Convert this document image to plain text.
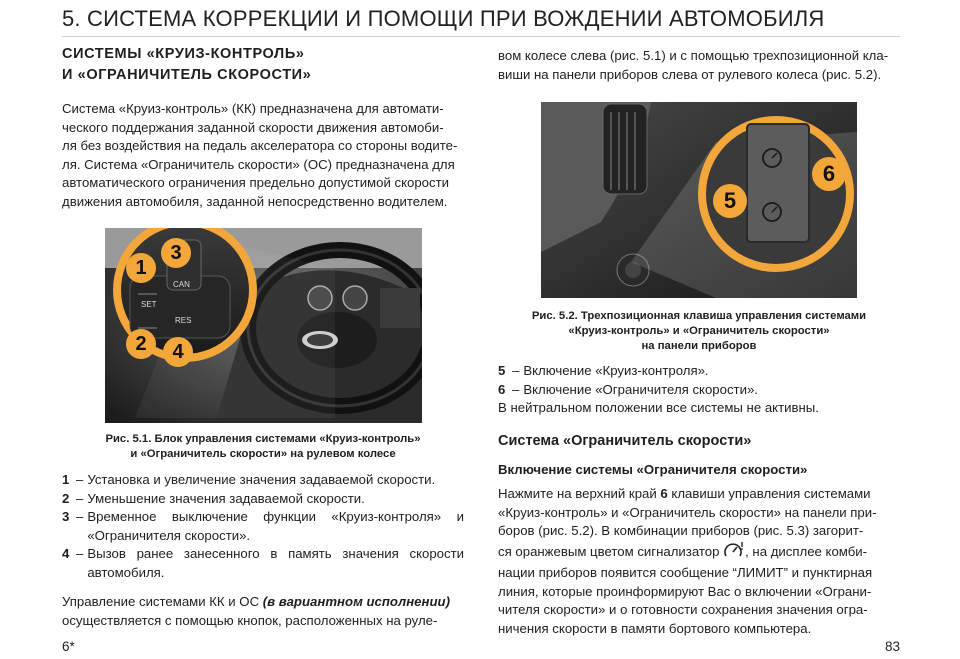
5. СИСТЕМА КОРРЕКЦИИ И ПОМОЩИ ПРИ ВОЖДЕНИИ АВТОМОБИЛЯ

СИСТЕМЫ «КРУИЗ-КОНТРОЛЬ»

И «ОГРАНИЧИТЕЛЬ СКОРОСТИ»

Система «Круиз-контроль» (КК) предназначена для автомати-

ческого поддержания заданной скорости движения автомоби-

ля без воздействия на педаль акселератора со стороны водите-

ля. Система «Ограничитель скорости» (ОС) предназначена для

автоматического ограничения предельно допустимой скорости

движения автомобиля, заданной непосредственно водителем.

SET
CAN
RES
1
3
2	4

Рис. 5.1. Блок управления системами «Круиз-контроль»

и «Ограничитель скорости» на рулевом колесе

1 – Установка и увеличение значения задаваемой скорости.
2 – Уменьшение значения задаваемой скорости.
3 – Временное выключение функции «Круиз-контроля» и «Ограничителя скорости».
4 – Вызов ранее занесенного в память значения скорости автомобиля.

Управление системами КК и ОС (в вариантном исполнении)

осуществляется с помощью кнопок, расположенных на руле-

6*

вом колесе слева (рис. 5.1) и с помощью трехпозиционной кла-

виши на панели приборов слева от рулевого колеса (рис. 5.2).

6
5

Рис. 5.2. Трехпозиционная клавиша управления системами

«Круиз-контроль» и «Ограничитель скорости»

на панели приборов

5 – Включение «Круиз-контроля».
6 – Включение «Ограничителя скорости».

В нейтральном положении все системы не активны.

Система «Ограничитель скорости»

Включение системы «Ограничителя скорости»

Нажмите на верхний край 6 клавиши управления системами

«Круиз-контроль» и «Ограничитель скорости» на панели при-

боров (рис. 5.2). В комбинации приборов (рис. 5.3) загорит-

ся оранжевым цветом сигнализатор , на дисплее комби-

нации приборов появится сообщение “ЛИМИТ” и пунктирная

линия, которые проинформируют Вас о включении «Ограни-

чителя скорости» и о готовности сохранения значения огра-

ничения скорости в памяти бортового компьютера.

83
